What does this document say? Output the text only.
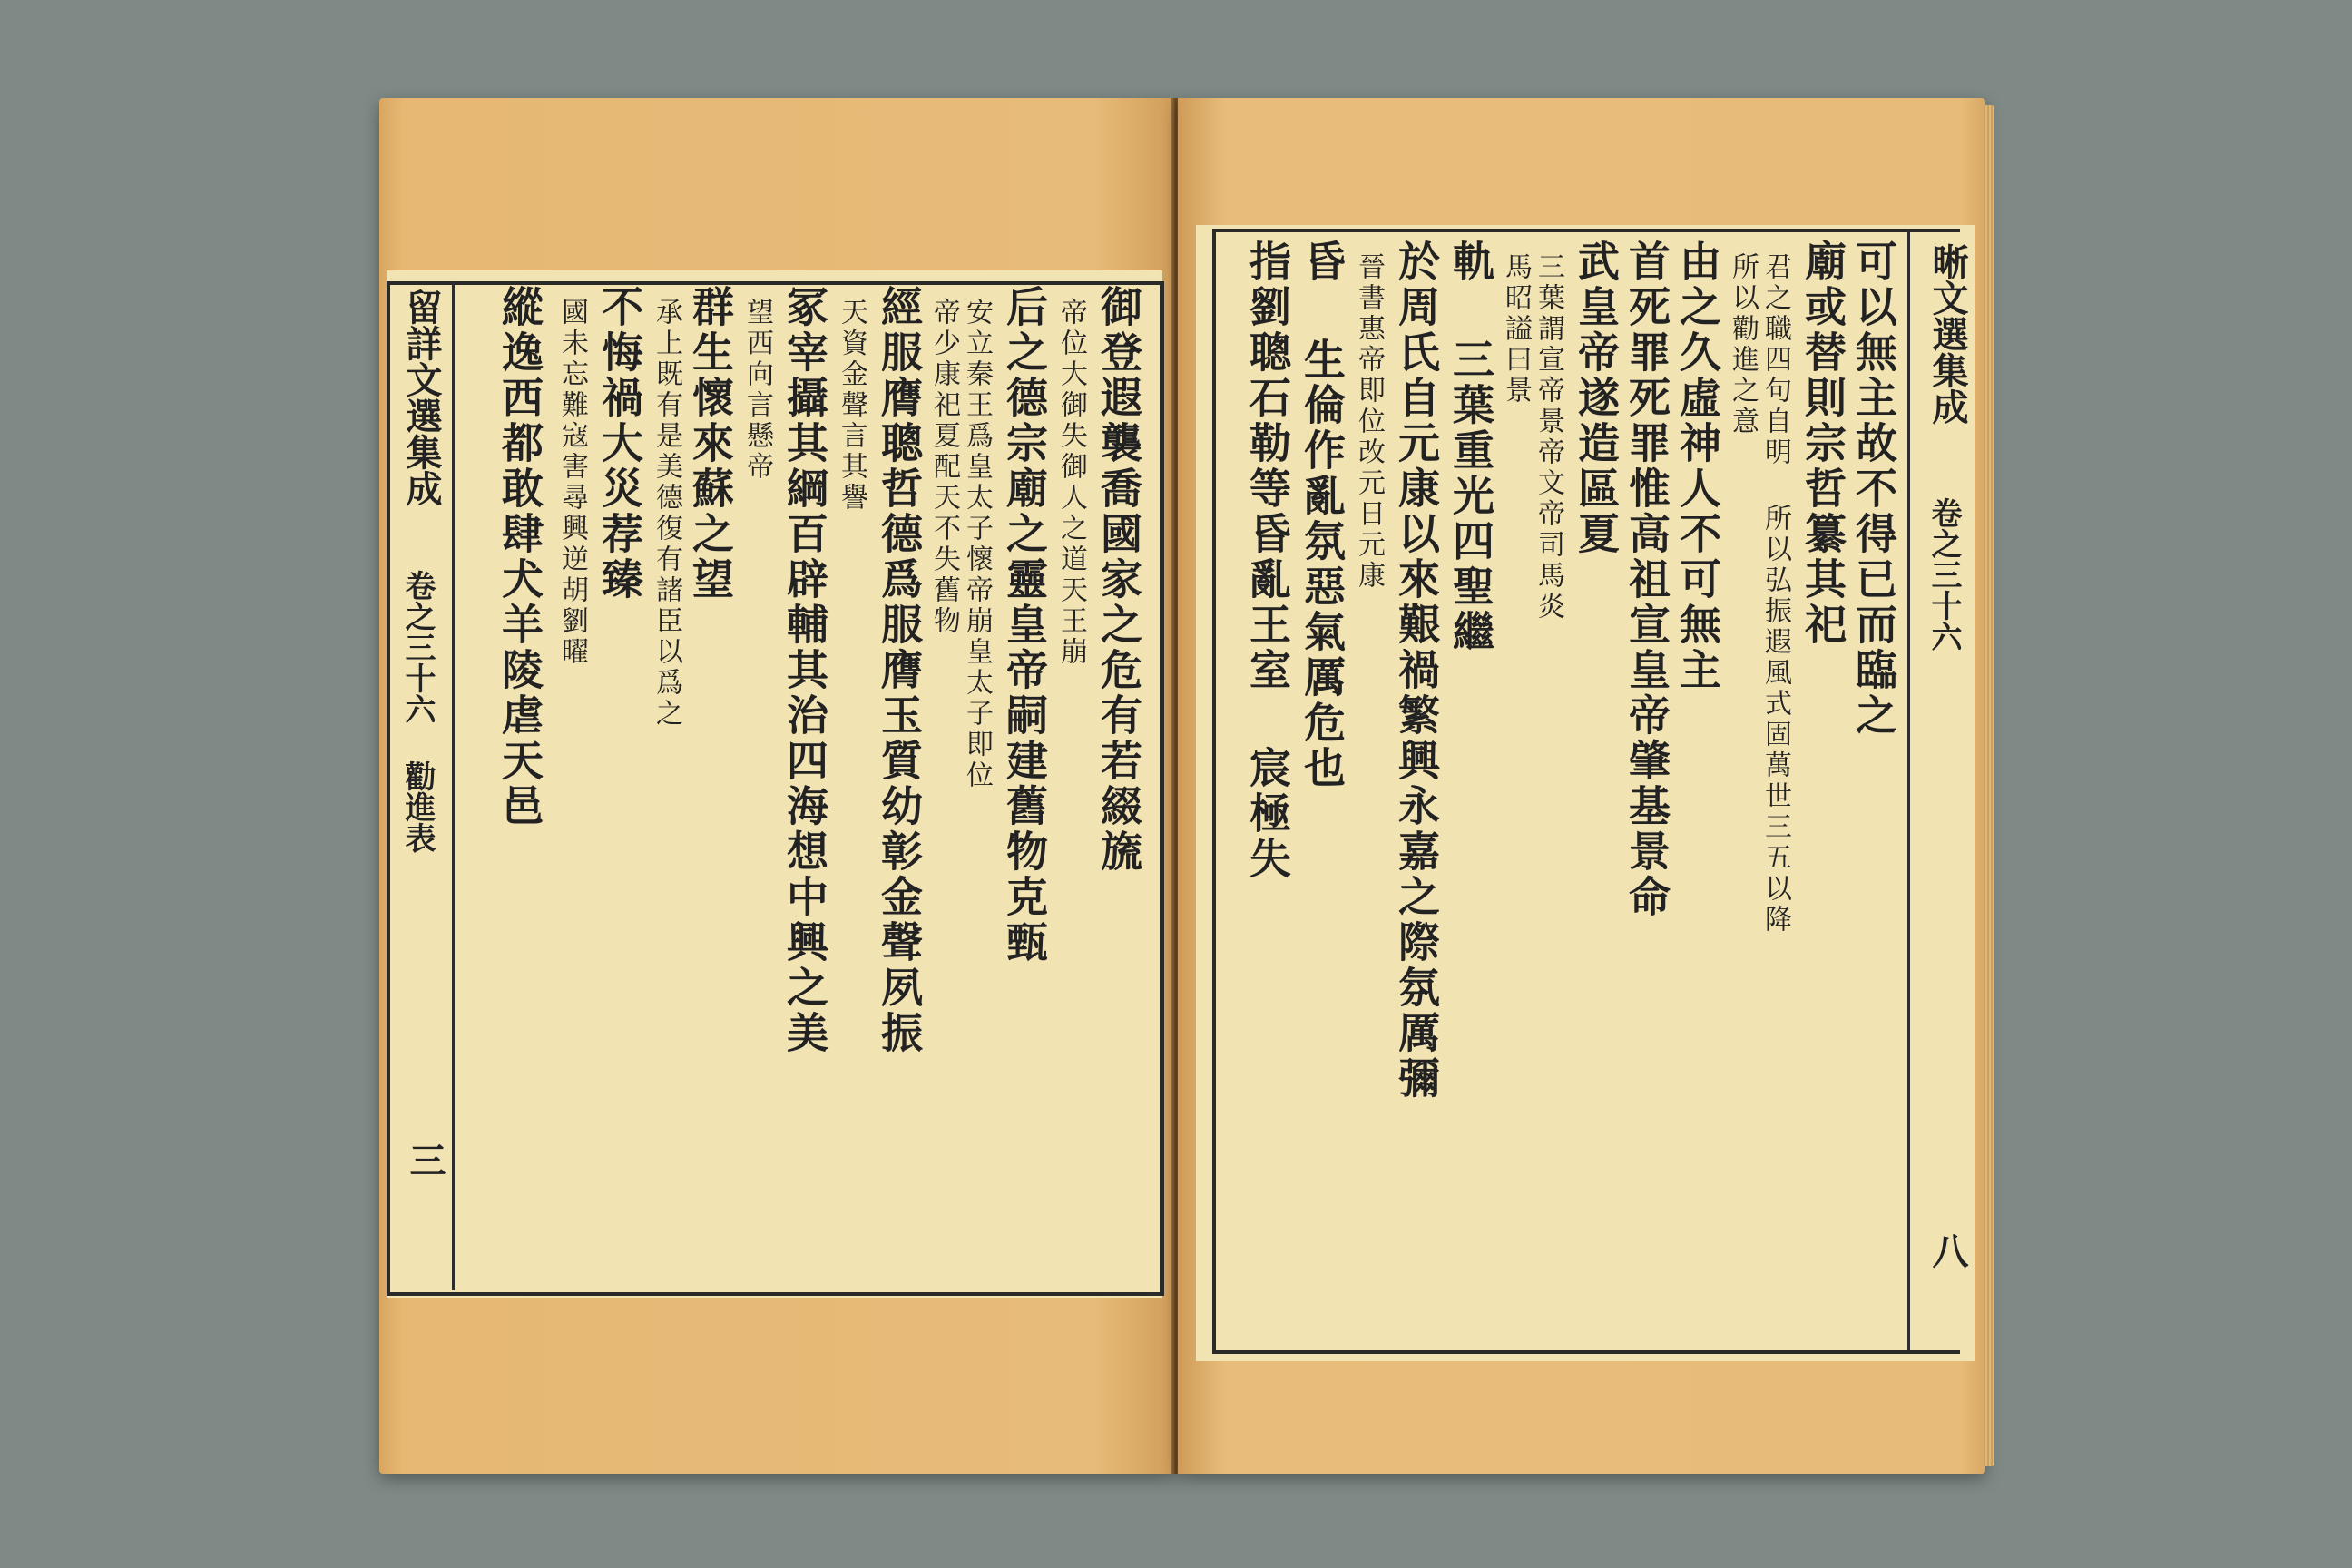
留詳文選集成
卷之三十六 勸進表
三
御登遐襲喬國家之危有若綴旒
帝位大御失御人之道天王崩
后之德宗廟之靈皇帝嗣建舊物克甄
安立秦王爲皇太子懷帝崩皇太子即位
帝少康祀夏配天不失舊物
經服膺聰哲德爲服膺玉質幼彰金聲夙振
天資金聲言其譽
冢宰攝其綱百辟輔其治四海想中興之美
望西向言懸帝
群生懷來蘇之望
承上既有是美德復有諸臣以爲之
不悔禍大災荐臻
國未忘難寇害尋興逆胡劉曜
縱逸西都敢肆犬羊陵虐天邑	晰文選集成
卷之三十六
八
可以無主故不得已而臨之
廟或替則宗哲纂其祀
君之職四句自明 所以弘振遐風式固萬世三五以降
所以勸進之意
由之久虛神人不可無主
首死罪死罪惟高祖宣皇帝肇基景命
武皇帝遂造區夏
三葉謂宣帝景帝文帝司馬炎
馬昭謚曰景
軌 三葉重光四聖繼
於周氏自元康以來艱禍繁興永嘉之際氛厲彌
晉書惠帝即位改元日元康
昏 生倫作亂氛惡氣厲危也
指劉聰石勒等昏亂王室 宸極失
